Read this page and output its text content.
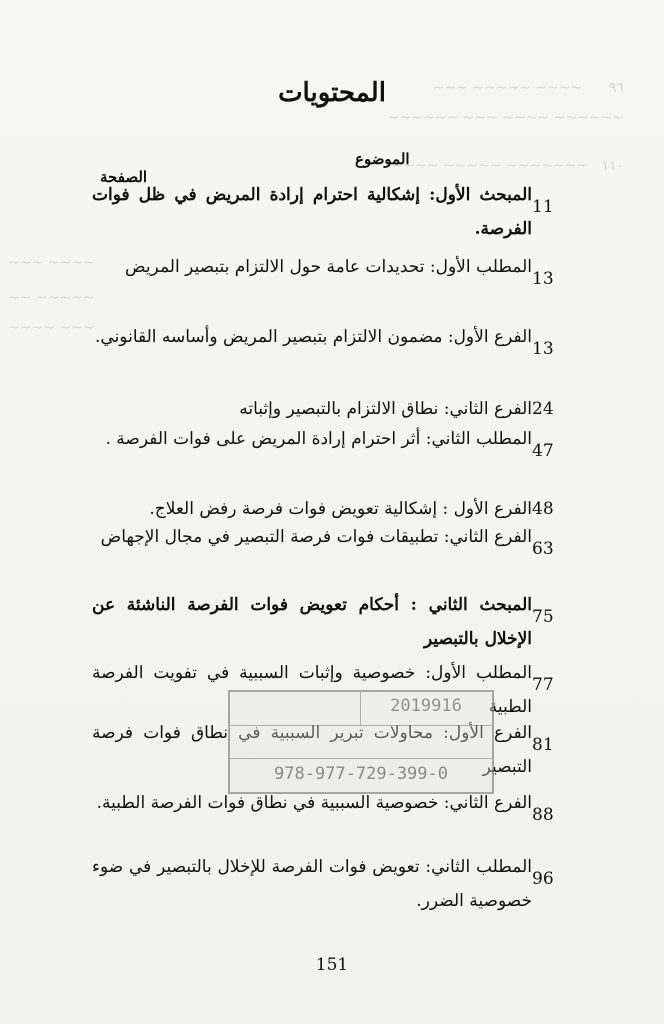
٩٦      ~~~~ ~~~~~ ~~~
~~~~~~ ~~~~ ~~~ ~~~~~~
١١٠   ~~~~~~~ ~~~~~ ~~~~
~~~~ ~~~
~~~~~ ~~
~~~ ~~~~
المحتويات
الموضوع
الصفحة
المبحث الأول: إشكالية احترام إرادة المريض في ظل فوات الفرصة.
11
المطلب الأول: تحديدات عامة حول الالتزام بتبصير المريض
13
الفرع الأول: مضمون الالتزام بتبصير المريض وأساسه القانوني.
13
الفرع الثاني: نطاق الالتزام بالتبصير وإثباته 24
المطلب الثاني: أثر احترام إرادة المريض على فوات الفرصة .
47
الفرع الأول : إشكالية تعويض فوات فرصة رفض العلاج. 48
الفرع الثاني: تطبيقات فوات فرصة التبصير في مجال الإجهاض
63
المبحث الثاني : أحكام تعويض فوات الفرصة الناشئة عن الإخلال بالتبصير
75
المطلب الأول: خصوصية وإثبات السببية في تفويت الفرصة الطبية
77
الفرع الأول: محاولات تبرير السببية في نطاق فوات فرصة التبصير
81
الفرع الثاني: خصوصية السببية في نطاق فوات الفرصة الطبية.
88
المطلب الثاني: تعويض فوات الفرصة للإخلال بالتبصير في ضوء خصوصية الضرر.
96
2019916
978-977-729-399-0
151
